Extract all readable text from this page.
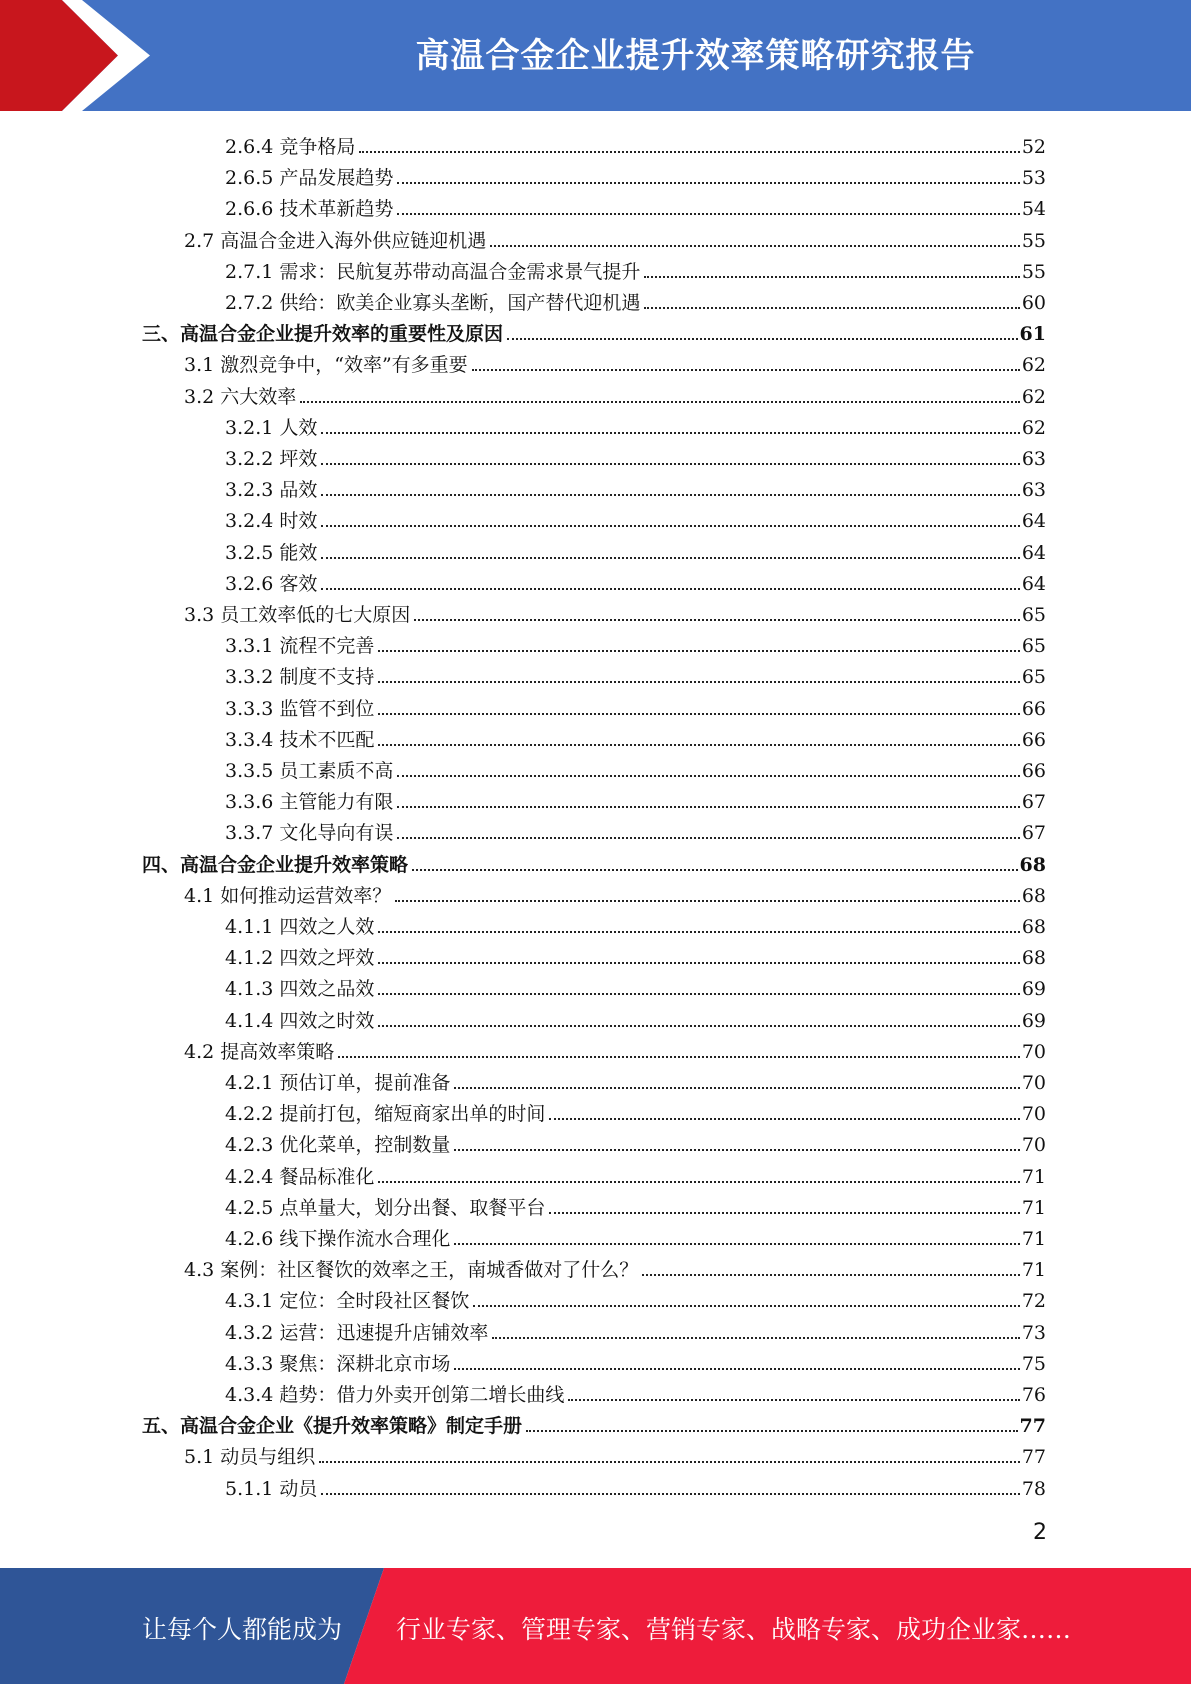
高温合金企业提升效率策略研究报告
2.6.4 竞争格局	52
2.6.5 产品发展趋势	53
2.6.6 技术革新趋势	54
2.7 高温合金进入海外供应链迎机遇	55
2.7.1 需求：民航复苏带动高温合金需求景气提升	55
2.7.2 供给：欧美企业寡头垄断，国产替代迎机遇	60
三、高温合金企业提升效率的重要性及原因	61
3.1 激烈竞争中，“效率”有多重要	62
3.2 六大效率	62
3.2.1 人效	62
3.2.2 坪效	63
3.2.3 品效	63
3.2.4 时效	64
3.2.5 能效	64
3.2.6 客效	64
3.3 员工效率低的七大原因	65
3.3.1 流程不完善	65
3.3.2 制度不支持	65
3.3.3 监管不到位	66
3.3.4 技术不匹配	66
3.3.5 员工素质不高	66
3.3.6 主管能力有限	67
3.3.7 文化导向有误	67
四、高温合金企业提升效率策略	68
4.1 如何推动运营效率？	68
4.1.1 四效之人效	68
4.1.2 四效之坪效	68
4.1.3 四效之品效	69
4.1.4 四效之时效	69
4.2 提高效率策略	70
4.2.1 预估订单，提前准备	70
4.2.2 提前打包，缩短商家出单的时间	70
4.2.3 优化菜单，控制数量	70
4.2.4 餐品标准化	71
4.2.5 点单量大，划分出餐、取餐平台	71
4.2.6 线下操作流水合理化	71
4.3 案例：社区餐饮的效率之王，南城香做对了什么？	71
4.3.1 定位：全时段社区餐饮	72
4.3.2 运营：迅速提升店铺效率	73
4.3.3 聚焦：深耕北京市场	75
4.3.4 趋势：借力外卖开创第二增长曲线	76
五、高温合金企业《提升效率策略》制定手册	77
5.1 动员与组织	77
5.1.1 动员	78
2
让每个人都能成为 行业专家、管理专家、营销专家、战略专家、成功企业家……
